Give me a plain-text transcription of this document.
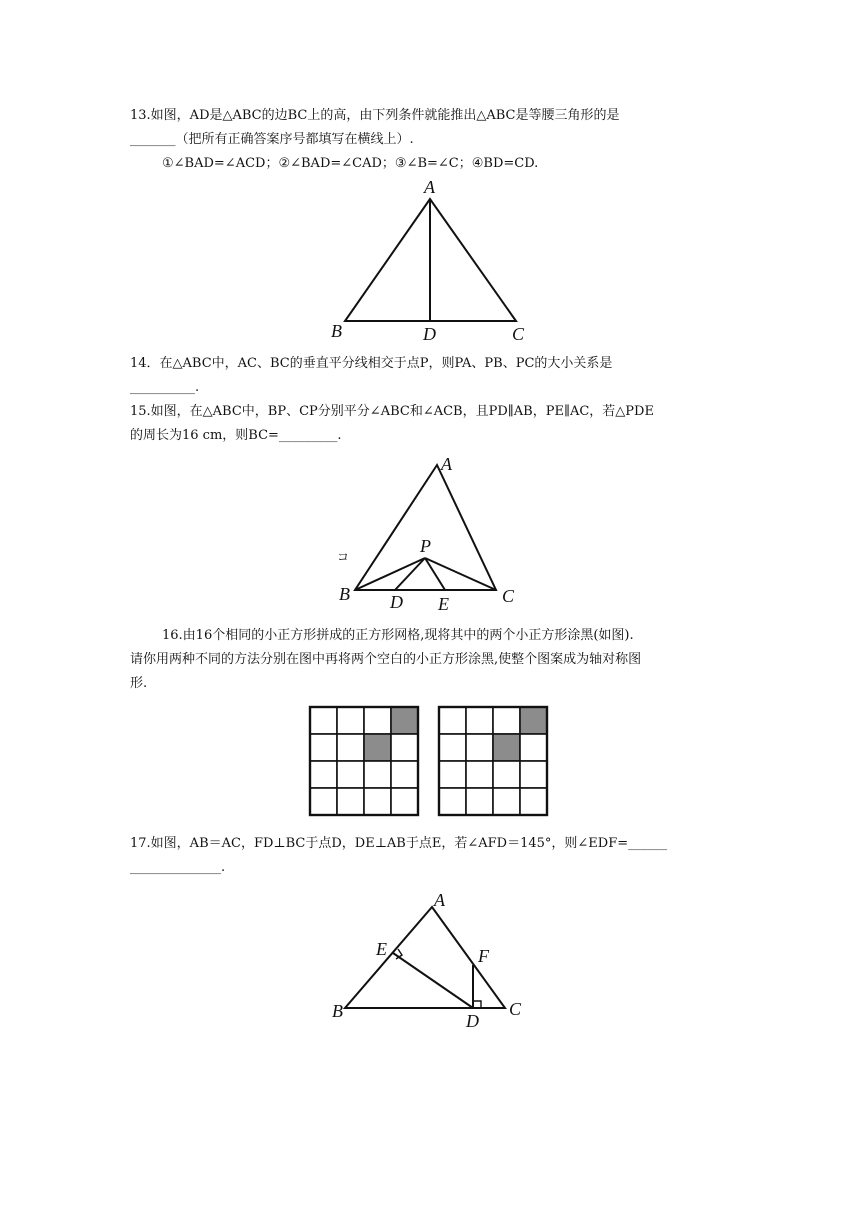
13.如图，AD是△ABC的边BC上的高，由下列条件就能推出△ABC是等腰三角形的是
_______（把所有正确答案序号都填写在横线上）.
①∠BAD=∠ACD；②∠BAD=∠CAD；③∠B=∠C；④BD=CD.
A
B	D	C
14．在△ABC中，AC、BC的垂直平分线相交于点P，则PA、PB、PC的大小关系是
__________.
15.如图，在△ABC中，BP、CP分别平分∠ABC和∠ACB，且PD∥AB，PE∥AC，若△PDE
的周长为16 cm，则BC=_________.
コ
A
P
B D E	C
16.由16个相同的小正方形拼成的正方形网格,现将其中的两个小正方形涂黑(如图).
请你用两种不同的方法分别在图中再将两个空白的小正方形涂黑,使整个图案成为轴对称图
形.
17.如图，AB＝AC，FD⊥BC于点D，DE⊥AB于点E，若∠AFD＝145°，则∠EDF=______
______________.
A
E	F
B	D
C
